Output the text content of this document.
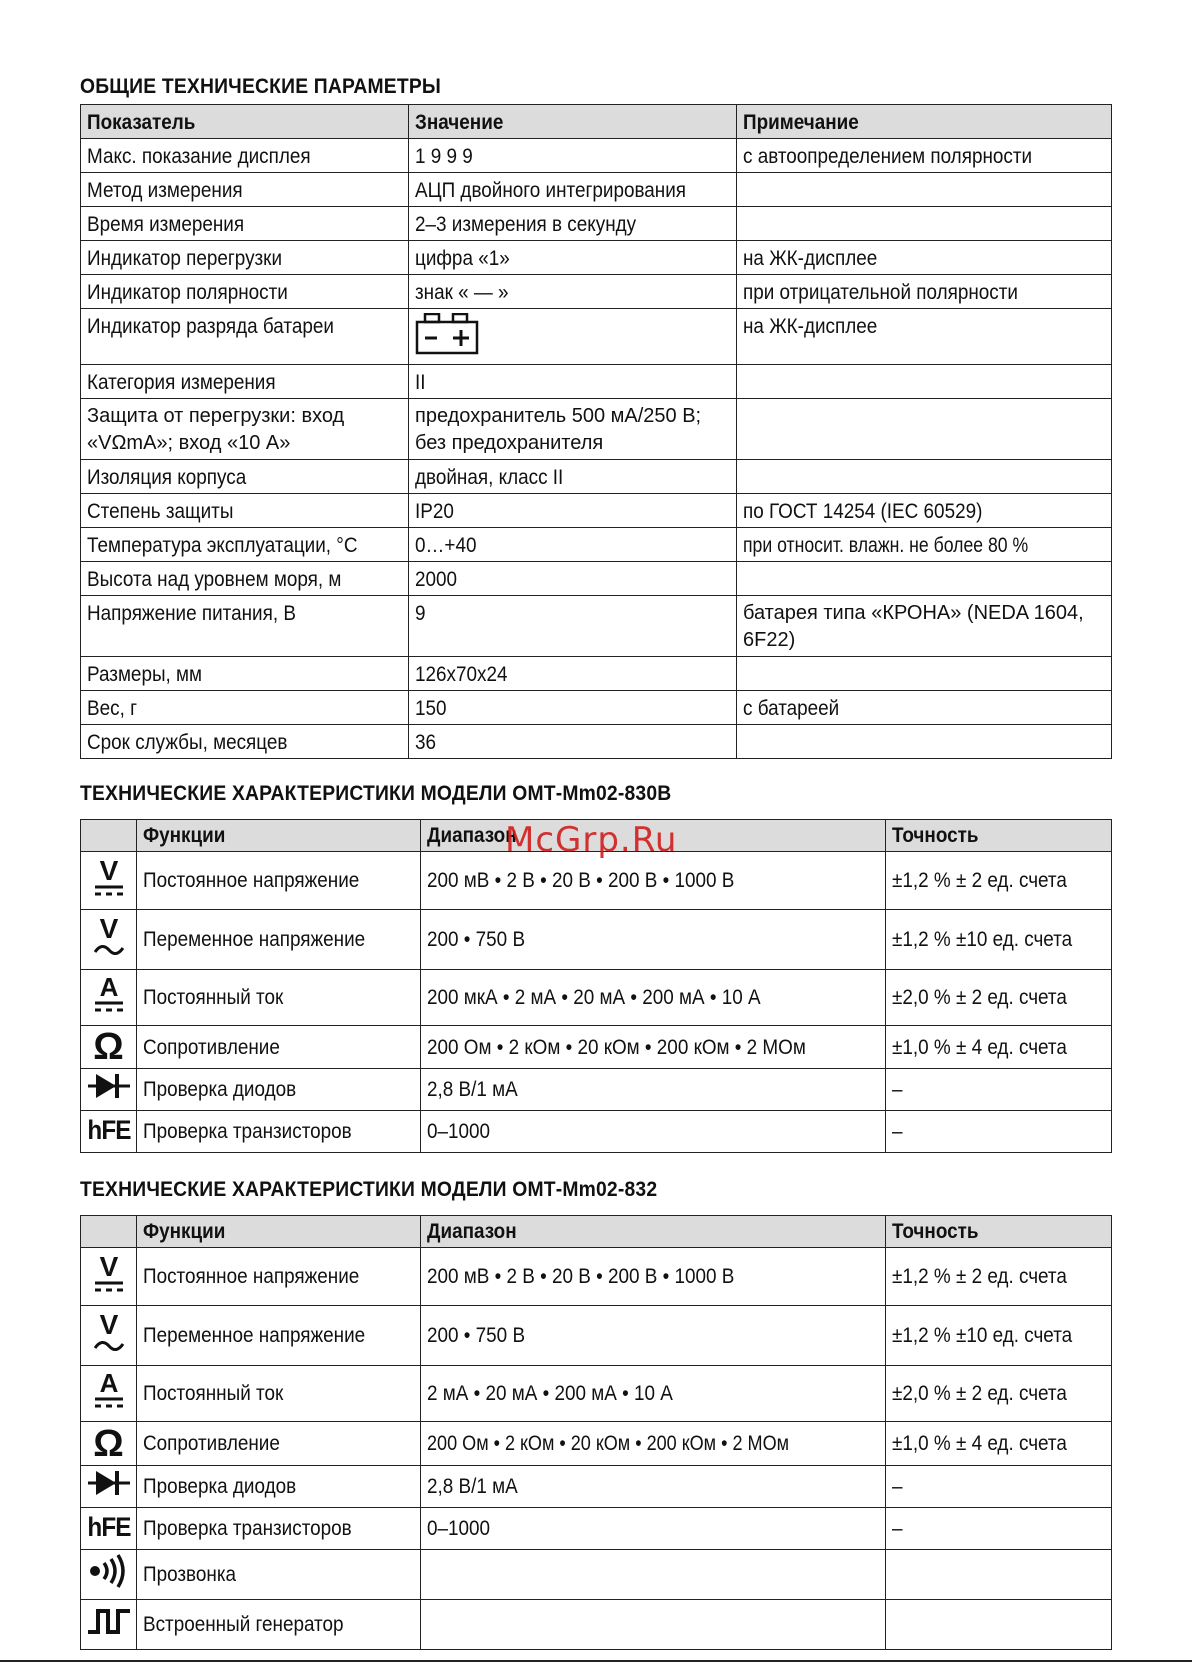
ОБЩИЕ ТЕХНИЧЕСКИЕ ПАРАМЕТРЫ
Показатель	Значение	Примечание
Макс. показание дисплея	1 9 9 9	с автоопределением полярности
Метод измерения	АЦП двойного интегрирования	
Время измерения	2–3 измерения в секунду	
Индикатор перегрузки	цифра «1»	на ЖК-дисплее
Индикатор полярности	знак « — »	при отрицательной полярности
Индикатор разряда батареи		на ЖК-дисплее
Категория измерения	II	

Защита от перегрузки: вход «VΩmA»; вход «10 А»	предохранитель 500 мА/250 В; без предохранителя	

Изоляция корпуса	двойная, класс II	
Степень защиты	IP20	по ГОСТ 14254 (IEC 60529)
Температура эксплуатации, °С	0…+40	при относит. влажн. не более 80 %
Высота над уровнем моря, м	2000	
Напряжение питания, В	9	батарея типа «КРОНА» (NEDA 1604, 6F22)

Размеры, мм	126х70х24	
Вес, г	150	с батареей
Срок службы, месяцев	36	
ТЕХНИЧЕСКИЕ ХАРАКТЕРИСТИКИ МОДЕЛИ ОМТ-Mm02-830B
	Функции	Диапазон	Точность

V	Постоянное напряжение	200 мВ • 2 В • 20 В • 200 В • 1000 В	±1,2 % ± 2 ед. счета

V	Переменное напряжение	200 • 750 В	±1,2 % ±10 ед. счета

A	Постоянный ток	200 мкА • 2 мА • 20 мА • 200 мА • 10 А	±2,0 % ± 2 ед. счета
Ω	Сопротивление	200 Ом • 2 кОм • 20 кОм • 200 кОм • 2 МОм	±1,0 % ± 4 ед. счета
	Проверка диодов	2,8 В/1 мА	–
hFE	Проверка транзисторов	0–1000	–
ТЕХНИЧЕСКИЕ ХАРАКТЕРИСТИКИ МОДЕЛИ ОМТ-Mm02-832
	Функции	Диапазон	Точность

V	Постоянное напряжение	200 мВ • 2 В • 20 В • 200 В • 1000 В	±1,2 % ± 2 ед. счета

V	Переменное напряжение	200 • 750 В	±1,2 % ±10 ед. счета

A	Постоянный ток	2 мА • 20 мА • 200 мА • 10 А	±2,0 % ± 2 ед. счета
Ω	Сопротивление	200 Ом • 2 кОм • 20 кОм • 200 кОм • 2 МОм	±1,0 % ± 4 ед. счета
	Проверка диодов	2,8 В/1 мА	–
hFE	Проверка транзисторов	0–1000	–
	Прозвонка		
	Встроенный генератор		
McGrp.Ru
